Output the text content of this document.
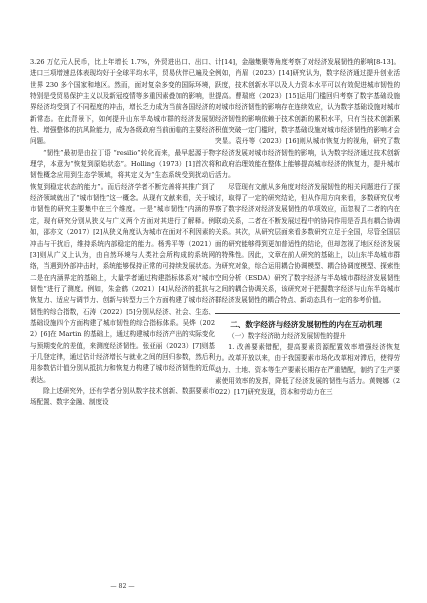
3.26 万亿元人民币，比上年增长 1.7%，外贸进出口、出口、进口三项增速总体表现均好于全球平均水平，贸易伙伴已遍及全世界 230 多个国家和地区。然而，面对复杂多变的国际环境，特别是受贸易保护主义以及新冠疫情等多重因素叠加的影响，世界经济均受到了不同程度的冲击，增长乏力成为当前各国经济的新常态。在此背景下，如何提升山东半岛城市群的经济发展韧性、增强整体的抗风险能力，成为各级政府当前面临的主要经济问题。

“韧性”最初是由拉丁语 “resilio”转化而来，最早起源于物理学，本意为“恢复到原始状态”。Holling（1973）[1]首次将韧性概念应用到生态学领域，将其定义为“生态系统受到扰动后恢复到稳定状态的能力”。而后经济学者不断完善将其推广到了经济领域就出了“城市韧性”这一概念。从现有文献来看，关于城市韧性的研究主要集中在三个维度。一是“城市韧性”内涵的界定，现有研究分别从狭义与广义两个方面对其进行了解释。例如，邵亦文（2017）[2]从狭义角度认为城市在面对不利因素的冲击与干扰后，维持系统内部稳定的能力。杨秀平等（2021）[3]则从广义上认为，由自然环境与人类社会所构成的系统网络，当遇到外部冲击时，系统能够保持正常的可持续发展状态。二是在内涵界定的基础上，大量学者通过构建指标体系对“城市韧性”进行了测度。例如，朱金鹤（2021）[4]从经济的抵抗与恢复力、适应与调节力、创新与转型力三个方面构建了城市经济韧性的综合指数，石涛（2022）[5]分别从经济、社会、生态、基础设施四个方面构建了城市韧性的综合指标体系。吴烨（2022）[6]在 Martin 的基础上，通过构建城市经济产出的实际变化与预期变化的差值，来测度经济韧性。张亚丽（2023）[7]则基于几登定律，通过估计经济增长与就业之间的回归参数，然后利用参数估计值分别从抵抗力和恢复力构建了城市经济韧性的近似表达。

除上述研究外，还有学者分别从数字技术创新、数据要素市场配置、数字金融、制度设

计[14]，金融集聚等角度考察了对经济发展韧性的影响[8-13]。例如，肖眉（2023）[14]研究认为，数字经济通过提升创业活跃度，技术创新水平以及人力资本水平可以有效促进城市韧性的提高。曹瑞庭（2023）[15]运用门槛回归考察了数字基础设施对城市经济韧性的影响存在连续效应，认为数字基础设施对城市经济韧性的影响依赖于技术创新的累积水平，只有当技术创新累积值突破一定门槛时，数字基础设施对城市经济韧性的影响才会突显。袁丹等（2023）[16]则从城市恢复力的视角，研究了数字经济发展对城市经济韧性的影响，认为数字经济通过技术创新和政府治理效能在整体上能够提高城市经济的恢复力，提升城市活力。

尽管现有文献从多角度对经济发展韧性的相关问题进行了探讨，取得了一定的研究结论，但从作用方向来看，多数研究仅考察了数字经济对经济发展韧性的单项效应，而忽视了二者的内在联动关系，二者在不断发展过程中的协同作用是否具有耦合协调关系。其次，从研究层面来看多数研究立足于全国，尽管全国层面的研究能够得到更加普适性的结论，但却忽视了地区经济发展的特殊性。因此，文章在前人研究的基础上，以山东半岛城市群为研究对象，综合运用耦合协调模型、耦合协调度模型、探索性空间分析（ESDA）研究了数字经济与半岛城市群经济发展韧性之间的耦合协调关系，该研究对于把握数字经济与山东半岛城市群经济发展韧性的耦合特点、新动态具有一定的参考价值。

二、数字经济与经济发展韧性的内在互动机理

（一）数字经济助力经济发展韧性的提升

1. 改善要素错配，提高要素资源配置效率增强经济恢复力。改革开放以来，由于我国要素市场化改革相对滞后，使得劳动力、土地、资本等生产要素长期存在严重错配，制约了生产要素使用效率的发挥，降低了经济发展的韧性与活力。黄婉娜（2022）[17]研究发现，资本和劳动力在三

— 82 —
